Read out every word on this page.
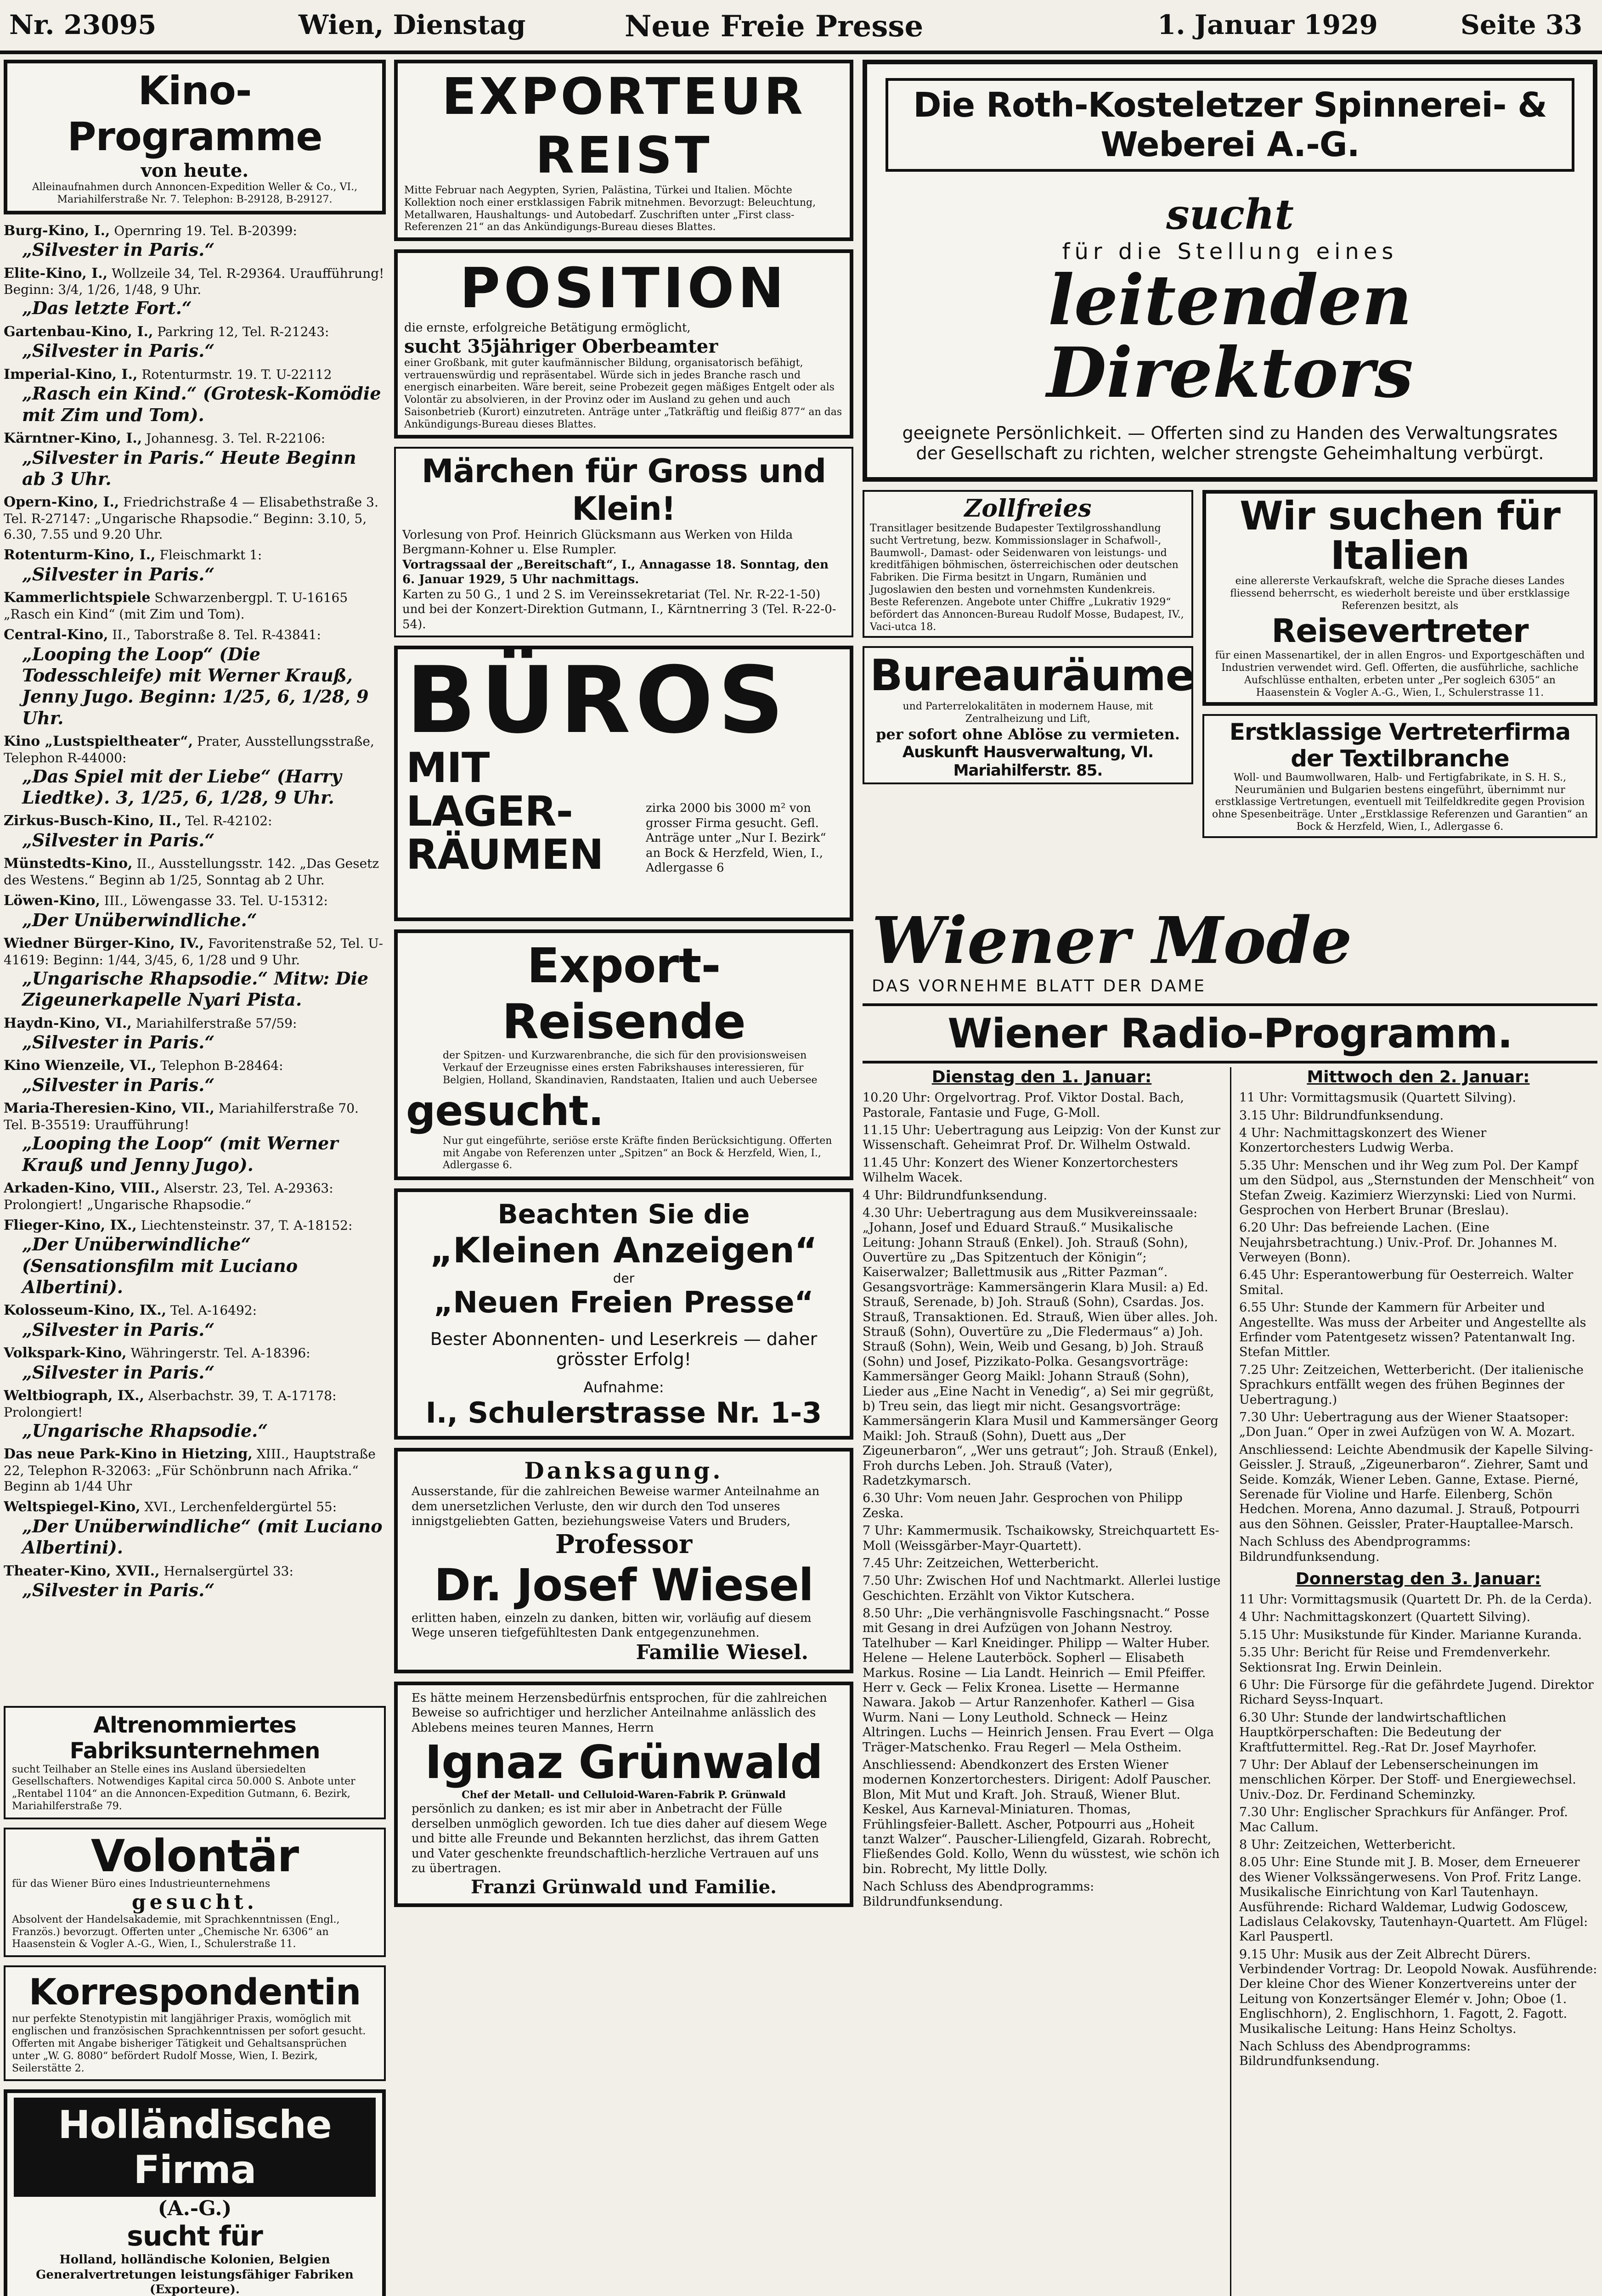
Nr. 23095	Wien, Dienstag	Neue Freie Presse	1. Januar 1929	Seite 33
Kino-Programme
von heute.
Alleinaufnahmen durch Annoncen-Expedition Weller & Co., VI., Mariahilferstraße Nr. 7. Telephon: B-29128, B-29127.
Burg-Kino, I., Opernring 19. Tel. B-20399:
„Silvester in Paris.“
Elite-Kino, I., Wollzeile 34, Tel. R-29364. Uraufführung! Beginn: 3/4, 1/26, 1/48, 9 Uhr.
„Das letzte Fort.“
Gartenbau-Kino, I., Parkring 12, Tel. R-21243:
„Silvester in Paris.“
Imperial-Kino, I., Rotenturmstr. 19. T. U-22112
„Rasch ein Kind.“ (Grotesk-Komödie mit Zim und Tom).
Kärntner-Kino, I., Johannesg. 3. Tel. R-22106:
„Silvester in Paris.“ Heute Beginn ab 3 Uhr.
Opern-Kino, I., Friedrichstraße 4 — Elisabethstraße 3. Tel. R-27147: „Ungarische Rhapsodie.“ Beginn: 3.10, 5, 6.30, 7.55 und 9.20 Uhr.
Rotenturm-Kino, I., Fleischmarkt 1:
„Silvester in Paris.“
Kammerlichtspiele Schwarzenbergpl. T. U-16165 „Rasch ein Kind“ (mit Zim und Tom).
Central-Kino, II., Taborstraße 8. Tel. R-43841:
„Looping the Loop“ (Die Todesschleife) mit Werner Krauß, Jenny Jugo. Beginn: 1/25, 6, 1/28, 9 Uhr.
Kino „Lustspieltheater“, Prater, Ausstellungsstraße, Telephon R-44000:
„Das Spiel mit der Liebe“ (Harry Liedtke). 3, 1/25, 6, 1/28, 9 Uhr.
Zirkus-Busch-Kino, II., Tel. R-42102:
„Silvester in Paris.“
Münstedts-Kino, II., Ausstellungsstr. 142. „Das Gesetz des Westens.“ Beginn ab 1/25, Sonntag ab 2 Uhr.
Löwen-Kino, III., Löwengasse 33. Tel. U-15312:
„Der Unüberwindliche.“
Wiedner Bürger-Kino, IV., Favoritenstraße 52, Tel. U-41619: Beginn: 1/44, 3/45, 6, 1/28 und 9 Uhr.
„Ungarische Rhapsodie.“ Mitw: Die Zigeunerkapelle Nyari Pista.
Haydn-Kino, VI., Mariahilferstraße 57/59:
„Silvester in Paris.“
Kino Wienzeile, VI., Telephon B-28464:
„Silvester in Paris.“
Maria-Theresien-Kino, VII., Mariahilferstraße 70. Tel. B-35519: Uraufführung!
„Looping the Loop“ (mit Werner Krauß und Jenny Jugo).
Arkaden-Kino, VIII., Alserstr. 23, Tel. A-29363: Prolongiert! „Ungarische Rhapsodie.“
Flieger-Kino, IX., Liechtensteinstr. 37, T. A-18152:
„Der Unüberwindliche“ (Sensationsfilm mit Luciano Albertini).
Kolosseum-Kino, IX., Tel. A-16492:
„Silvester in Paris.“
Volkspark-Kino, Währingerstr. Tel. A-18396:
„Silvester in Paris.“
Weltbiograph, IX., Alserbachstr. 39, T. A-17178: Prolongiert!
„Ungarische Rhapsodie.“
Das neue Park-Kino in Hietzing, XIII., Hauptstraße 22, Telephon R-32063: „Für Schönbrunn nach Afrika.“ Beginn ab 1/44 Uhr
Weltspiegel-Kino, XVI., Lerchenfeldergürtel 55:
„Der Unüberwindliche“ (mit Luciano Albertini).
Theater-Kino, XVII., Hernalsergürtel 33:
„Silvester in Paris.“
Altrenommiertes Fabriksunternehmen
sucht Teilhaber an Stelle eines ins Ausland übersiedelten Gesellschafters. Notwendiges Kapital circa 50.000 S. Anbote unter „Rentabel 1104“ an die Annoncen-Expedition Gutmann, 6. Bezirk, Mariahilferstraße 79.
Volontär
für das Wiener Büro eines Industrieunternehmens
gesucht.
Absolvent der Handelsakademie, mit Sprachkenntnissen (Engl., Französ.) bevorzugt. Offerten unter „Chemische Nr. 6306“ an Haasenstein & Vogler A.-G., Wien, I., Schulerstraße 11.
Korrespondentin
nur perfekte Stenotypistin mit langjähriger Praxis, womöglich mit englischen und französischen Sprachkenntnissen per sofort gesucht. Offerten mit Angabe bisheriger Tätigkeit und Gehaltsansprüchen unter „W. G. 8080“ befördert Rudolf Mosse, Wien, I. Bezirk, Seilerstätte 2.
Holländische Firma
(A.-G.)
sucht für
Holland, holländische Kolonien, Belgien Generalvertretungen leistungsfähiger Fabriken (Exporteure).
EXPORTEUR REIST
Mitte Februar nach Aegypten, Syrien, Palästina, Türkei und Italien. Möchte Kollektion noch einer erstklassigen Fabrik mitnehmen. Bevorzugt: Beleuchtung, Metallwaren, Haushaltungs- und Autobedarf. Zuschriften unter „First class-Referenzen 21“ an das Ankündigungs-Bureau dieses Blattes.
POSITION
die ernste, erfolgreiche Betätigung ermöglicht,
sucht 35jähriger Oberbeamter
einer Großbank, mit guter kaufmännischer Bildung, organisatorisch befähigt, vertrauenswürdig und repräsentabel. Würde sich in jedes Branche rasch und energisch einarbeiten. Wäre bereit, seine Probezeit gegen mäßiges Entgelt oder als Volontär zu absolvieren, in der Provinz oder im Ausland zu gehen und auch Saisonbetrieb (Kurort) einzutreten. Anträge unter „Tatkräftig und fleißig 877“ an das Ankündigungs-Bureau dieses Blattes.
Märchen für Gross und Klein!
Vorlesung von Prof. Heinrich Glücksmann aus Werken von Hilda Bergmann-Kohner u. Else Rumpler.
Vortragssaal der „Bereitschaft“, I., Annagasse 18. Sonntag, den 6. Januar 1929, 5 Uhr nachmittags.
Karten zu 50 G., 1 und 2 S. im Vereinssekretariat (Tel. Nr. R-22-1-50) und bei der Konzert-Direktion Gutmann, I., Kärntnerring 3 (Tel. R-22-0-54).
BÜROS
MIT
LAGER-
RÄUMEN
zirka 2000 bis 3000 m² von grosser Firma gesucht. Gefl. Anträge unter „Nur I. Bezirk“ an Bock & Herzfeld, Wien, I., Adlergasse 6
Export-Reisende
der Spitzen- und Kurzwarenbranche, die sich für den provisionsweisen Verkauf der Erzeugnisse eines ersten Fabrikshauses interessieren, für Belgien, Holland, Skandinavien, Randstaaten, Italien und auch Uebersee
gesucht.
Nur gut eingeführte, seriöse erste Kräfte finden Berücksichtigung. Offerten mit Angabe von Referenzen unter „Spitzen“ an Bock & Herzfeld, Wien, I., Adlergasse 6.
Beachten Sie die
„Kleinen Anzeigen“
der
„Neuen Freien Presse“
Bester Abonnenten- und Leserkreis — daher grösster Erfolg!
Aufnahme:
I., Schulerstrasse Nr. 1-3
Danksagung.
Ausserstande, für die zahlreichen Beweise warmer Anteilnahme an dem unersetzlichen Verluste, den wir durch den Tod unseres innigstgeliebten Gatten, beziehungsweise Vaters und Bruders,
Professor
Dr. Josef Wiesel
erlitten haben, einzeln zu danken, bitten wir, vorläufig auf diesem Wege unseren tiefgefühltesten Dank entgegenzunehmen.
Familie Wiesel.
Es hätte meinem Herzensbedürfnis entsprochen, für die zahlreichen Beweise so aufrichtiger und herzlicher Anteilnahme anlässlich des Ablebens meines teuren Mannes, Herrn
Ignaz Grünwald
Chef der Metall- und Celluloid-Waren-Fabrik P. Grünwald
persönlich zu danken; es ist mir aber in Anbetracht der Fülle derselben unmöglich geworden. Ich tue dies daher auf diesem Wege und bitte alle Freunde und Bekannten herzlichst, das ihrem Gatten und Vater geschenkte freundschaftlich-herzliche Vertrauen auf uns zu übertragen.
Franzi Grünwald und Familie.
Die Roth-Kosteletzer Spinnerei- & Weberei A.-G.
sucht
für die Stellung eines
leitenden
Direktors
geeignete Persönlichkeit. — Offerten sind zu Handen des Verwaltungsrates der Gesellschaft zu richten, welcher strengste Geheimhaltung verbürgt.
Zollfreies
Transitlager besitzende Budapester Textilgrosshandlung sucht Vertretung, bezw. Kommissionslager in Schafwoll-, Baumwoll-, Damast- oder Seidenwaren von leistungs- und kreditfähigen böhmischen, österreichischen oder deutschen Fabriken. Die Firma besitzt in Ungarn, Rumänien und Jugoslawien den besten und vornehmsten Kundenkreis. Beste Referenzen. Angebote unter Chiffre „Lukrativ 1929“ befördert das Annoncen-Bureau Rudolf Mosse, Budapest, IV., Vaci-utca 18.
Bureauräume
und Parterrelokalitäten in modernem Hause, mit Zentralheizung und Lift,
per sofort ohne Ablöse zu vermieten.
Auskunft Hausverwaltung, VI. Mariahilferstr. 85.
Wir suchen für Italien
eine allererste Verkaufskraft, welche die Sprache dieses Landes fliessend beherrscht, es wiederholt bereiste und über erstklassige Referenzen besitzt, als
Reisevertreter
für einen Massenartikel, der in allen Engros- und Exportgeschäften und Industrien verwendet wird. Gefl. Offerten, die ausführliche, sachliche Aufschlüsse enthalten, erbeten unter „Per sogleich 6305“ an Haasenstein & Vogler A.-G., Wien, I., Schulerstrasse 11.
Erstklassige Vertreterfirma der Textilbranche
Woll- und Baumwollwaren, Halb- und Fertigfabrikate, in S. H. S., Neurumänien und Bulgarien bestens eingeführt, übernimmt nur erstklassige Vertretungen, eventuell mit Teilfeldkredite gegen Provision ohne Spesenbeiträge. Unter „Erstklassige Referenzen und Garantien“ an Bock & Herzfeld, Wien, I., Adlergasse 6.
Wiener Mode
DAS VORNEHME BLATT DER DAME
Wiener Radio-Programm.
Dienstag den 1. Januar:

10.20 Uhr: Orgelvortrag. Prof. Viktor Dostal. Bach, Pastorale, Fantasie und Fuge, G-Moll.

11.15 Uhr: Uebertragung aus Leipzig: Von der Kunst zur Wissenschaft. Geheimrat Prof. Dr. Wilhelm Ostwald.

11.45 Uhr: Konzert des Wiener Konzertorchesters Wilhelm Wacek.

4 Uhr: Bildrundfunksendung.

4.30 Uhr: Uebertragung aus dem Musikvereinssaale: „Johann, Josef und Eduard Strauß.“ Musikalische Leitung: Johann Strauß (Enkel). Joh. Strauß (Sohn), Ouvertüre zu „Das Spitzentuch der Königin“; Kaiserwalzer; Ballettmusik aus „Ritter Pazman“. Gesangsvorträge: Kammersängerin Klara Musil: a) Ed. Strauß, Serenade, b) Joh. Strauß (Sohn), Csardas. Jos. Strauß, Transaktionen. Ed. Strauß, Wien über alles. Joh. Strauß (Sohn), Ouvertüre zu „Die Fledermaus“ a) Joh. Strauß (Sohn), Wein, Weib und Gesang, b) Joh. Strauß (Sohn) und Josef, Pizzikato-Polka. Gesangsvorträge: Kammersänger Georg Maikl: Johann Strauß (Sohn), Lieder aus „Eine Nacht in Venedig“, a) Sei mir gegrüßt, b) Treu sein, das liegt mir nicht. Gesangsvorträge: Kammersängerin Klara Musil und Kammersänger Georg Maikl: Joh. Strauß (Sohn), Duett aus „Der Zigeunerbaron“, „Wer uns getraut“; Joh. Strauß (Enkel), Froh durchs Leben. Joh. Strauß (Vater), Radetzkymarsch.

6.30 Uhr: Vom neuen Jahr. Gesprochen von Philipp Zeska.

7 Uhr: Kammermusik. Tschaikowsky, Streichquartett Es-Moll (Weissgärber-Mayr-Quartett).

7.45 Uhr: Zeitzeichen, Wetterbericht.

7.50 Uhr: Zwischen Hof und Nachtmarkt. Allerlei lustige Geschichten. Erzählt von Viktor Kutschera.

8.50 Uhr: „Die verhängnisvolle Faschingsnacht.“ Posse mit Gesang in drei Aufzügen von Johann Nestroy. Tatelhuber — Karl Kneidinger. Philipp — Walter Huber. Helene — Helene Lauterböck. Sopherl — Elisabeth Markus. Rosine — Lia Landt. Heinrich — Emil Pfeiffer. Herr v. Geck — Felix Kronea. Lisette — Hermanne Nawara. Jakob — Artur Ranzenhofer. Katherl — Gisa Wurm. Nani — Lony Leuthold. Schneck — Heinz Altringen. Luchs — Heinrich Jensen. Frau Evert — Olga Träger-Matschenko. Frau Regerl — Mela Ostheim.

Anschliessend: Abendkonzert des Ersten Wiener modernen Konzertorchesters. Dirigent: Adolf Pauscher. Blon, Mit Mut und Kraft. Joh. Strauß, Wiener Blut. Keskel, Aus Karneval-Miniaturen. Thomas, Frühlingsfeier-Ballett. Ascher, Potpourri aus „Hoheit tanzt Walzer“. Pauscher-Liliengfeld, Gizarah. Robrecht, Fließendes Gold. Kollo, Wenn du wüsstest, wie schön ich bin. Robrecht, My little Dolly.

Nach Schluss des Abendprogramms: Bildrundfunksendung.

Mittwoch den 2. Januar:

11 Uhr: Vormittagsmusik (Quartett Silving).

3.15 Uhr: Bildrundfunksendung.

4 Uhr: Nachmittagskonzert des Wiener Konzertorchesters Ludwig Werba.

5.35 Uhr: Menschen und ihr Weg zum Pol. Der Kampf um den Südpol, aus „Sternstunden der Menschheit“ von Stefan Zweig. Kazimierz Wierzynski: Lied von Nurmi. Gesprochen von Herbert Brunar (Breslau).

6.20 Uhr: Das befreiende Lachen. (Eine Neujahrsbetrachtung.) Univ.-Prof. Dr. Johannes M. Verweyen (Bonn).

6.45 Uhr: Esperantowerbung für Oesterreich. Walter Smital.

6.55 Uhr: Stunde der Kammern für Arbeiter und Angestellte. Was muss der Arbeiter und Angestellte als Erfinder vom Patentgesetz wissen? Patentanwalt Ing. Stefan Mittler.

7.25 Uhr: Zeitzeichen, Wetterbericht. (Der italienische Sprachkurs entfällt wegen des frühen Beginnes der Uebertragung.)

7.30 Uhr: Uebertragung aus der Wiener Staatsoper: „Don Juan.“ Oper in zwei Aufzügen von W. A. Mozart.

Anschliessend: Leichte Abendmusik der Kapelle Silving-Geissler. J. Strauß, „Zigeunerbaron“. Ziehrer, Samt und Seide. Komzák, Wiener Leben. Ganne, Extase. Pierné, Serenade für Violine und Harfe. Eilenberg, Schön Hedchen. Morena, Anno dazumal. J. Strauß, Potpourri aus den Söhnen. Geissler, Prater-Hauptallee-Marsch.

Nach Schluss des Abendprogramms: Bildrundfunksendung.

Donnerstag den 3. Januar:

11 Uhr: Vormittagsmusik (Quartett Dr. Ph. de la Cerda).

4 Uhr: Nachmittagskonzert (Quartett Silving).

5.15 Uhr: Musikstunde für Kinder. Marianne Kuranda.

5.35 Uhr: Bericht für Reise und Fremdenverkehr. Sektionsrat Ing. Erwin Deinlein.

6 Uhr: Die Fürsorge für die gefährdete Jugend. Direktor Richard Seyss-Inquart.

6.30 Uhr: Stunde der landwirtschaftlichen Hauptkörperschaften: Die Bedeutung der Kraftfuttermittel. Reg.-Rat Dr. Josef Mayrhofer.

7 Uhr: Der Ablauf der Lebenserscheinungen im menschlichen Körper. Der Stoff- und Energiewechsel. Univ.-Doz. Dr. Ferdinand Scheminzky.

7.30 Uhr: Englischer Sprachkurs für Anfänger. Prof. Mac Callum.

8 Uhr: Zeitzeichen, Wetterbericht.

8.05 Uhr: Eine Stunde mit J. B. Moser, dem Erneuerer des Wiener Volkssängerwesens. Von Prof. Fritz Lange. Musikalische Einrichtung von Karl Tautenhayn. Ausführende: Richard Waldemar, Ludwig Godoscew, Ladislaus Celakovsky, Tautenhayn-Quartett. Am Flügel: Karl Pauspertl.

9.15 Uhr: Musik aus der Zeit Albrecht Dürers. Verbindender Vortrag: Dr. Leopold Nowak. Ausführende: Der kleine Chor des Wiener Konzertvereins unter der Leitung von Konzertsänger Elemér v. John; Oboe (1. Englischhorn), 2. Englischhorn, 1. Fagott, 2. Fagott. Musikalische Leitung: Hans Heinz Scholtys.

Nach Schluss des Abendprogramms: Bildrundfunksendung.
